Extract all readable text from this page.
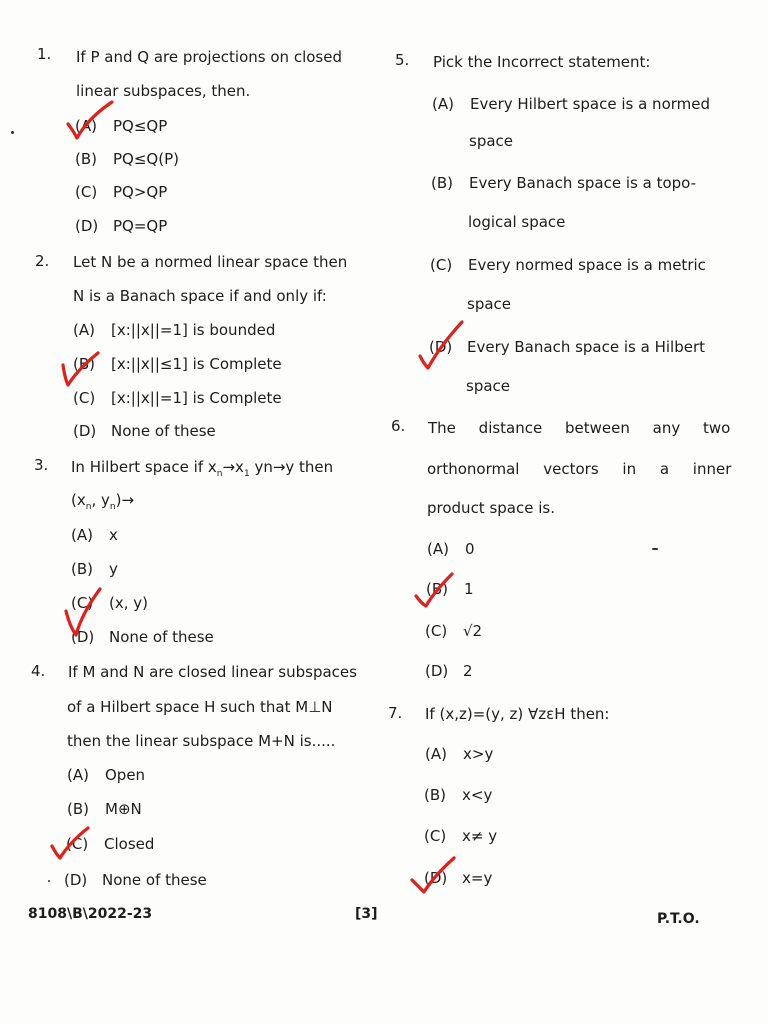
1.	If P and Q are projections on closed
linear subspaces, then.
(A) PQ≤QP
(B) PQ≤Q(P)
(C) PQ>QP
(D) PQ=QP
2.	Let N be a normed linear space then
N is a Banach space if and only if:
(A) [x:||x||=1] is bounded
(B) [x:||x||≤1] is Complete
(C) [x:||x||=1] is Complete
(D) None of these
3.	In Hilbert space if $x_n\to x_1$ yn→y then
($x_n$, $y_n)\to$
(A) x
(B) y
(C) (x, y)
(D) None of these
4.	If M and N are closed linear subspaces
of a Hilbert space H such that M⊥N
then the linear subspace M+N is.....
(A) Open
(B) M⊕N
(C) Closed
(D) None of these
5.	Pick the Incorrect statement:
(A) Every Hilbert space is a normed
space
(B) Every Banach space is a topo-
logical space
(C) Every normed space is a metric
space
(D) Every Banach space is a Hilbert
space
6.	The distance between any two
orthonormal vectors in a inner
product space is.
(A) 0
(B) 1
(C) √2
(D) 2
7.	If (x,z)=(y, z) ∀zεH then:
(A) x>y
(B) x<y
(C) x≠ y
(D) x=y
8108\B\2022-23	[3]	P.T.O.
